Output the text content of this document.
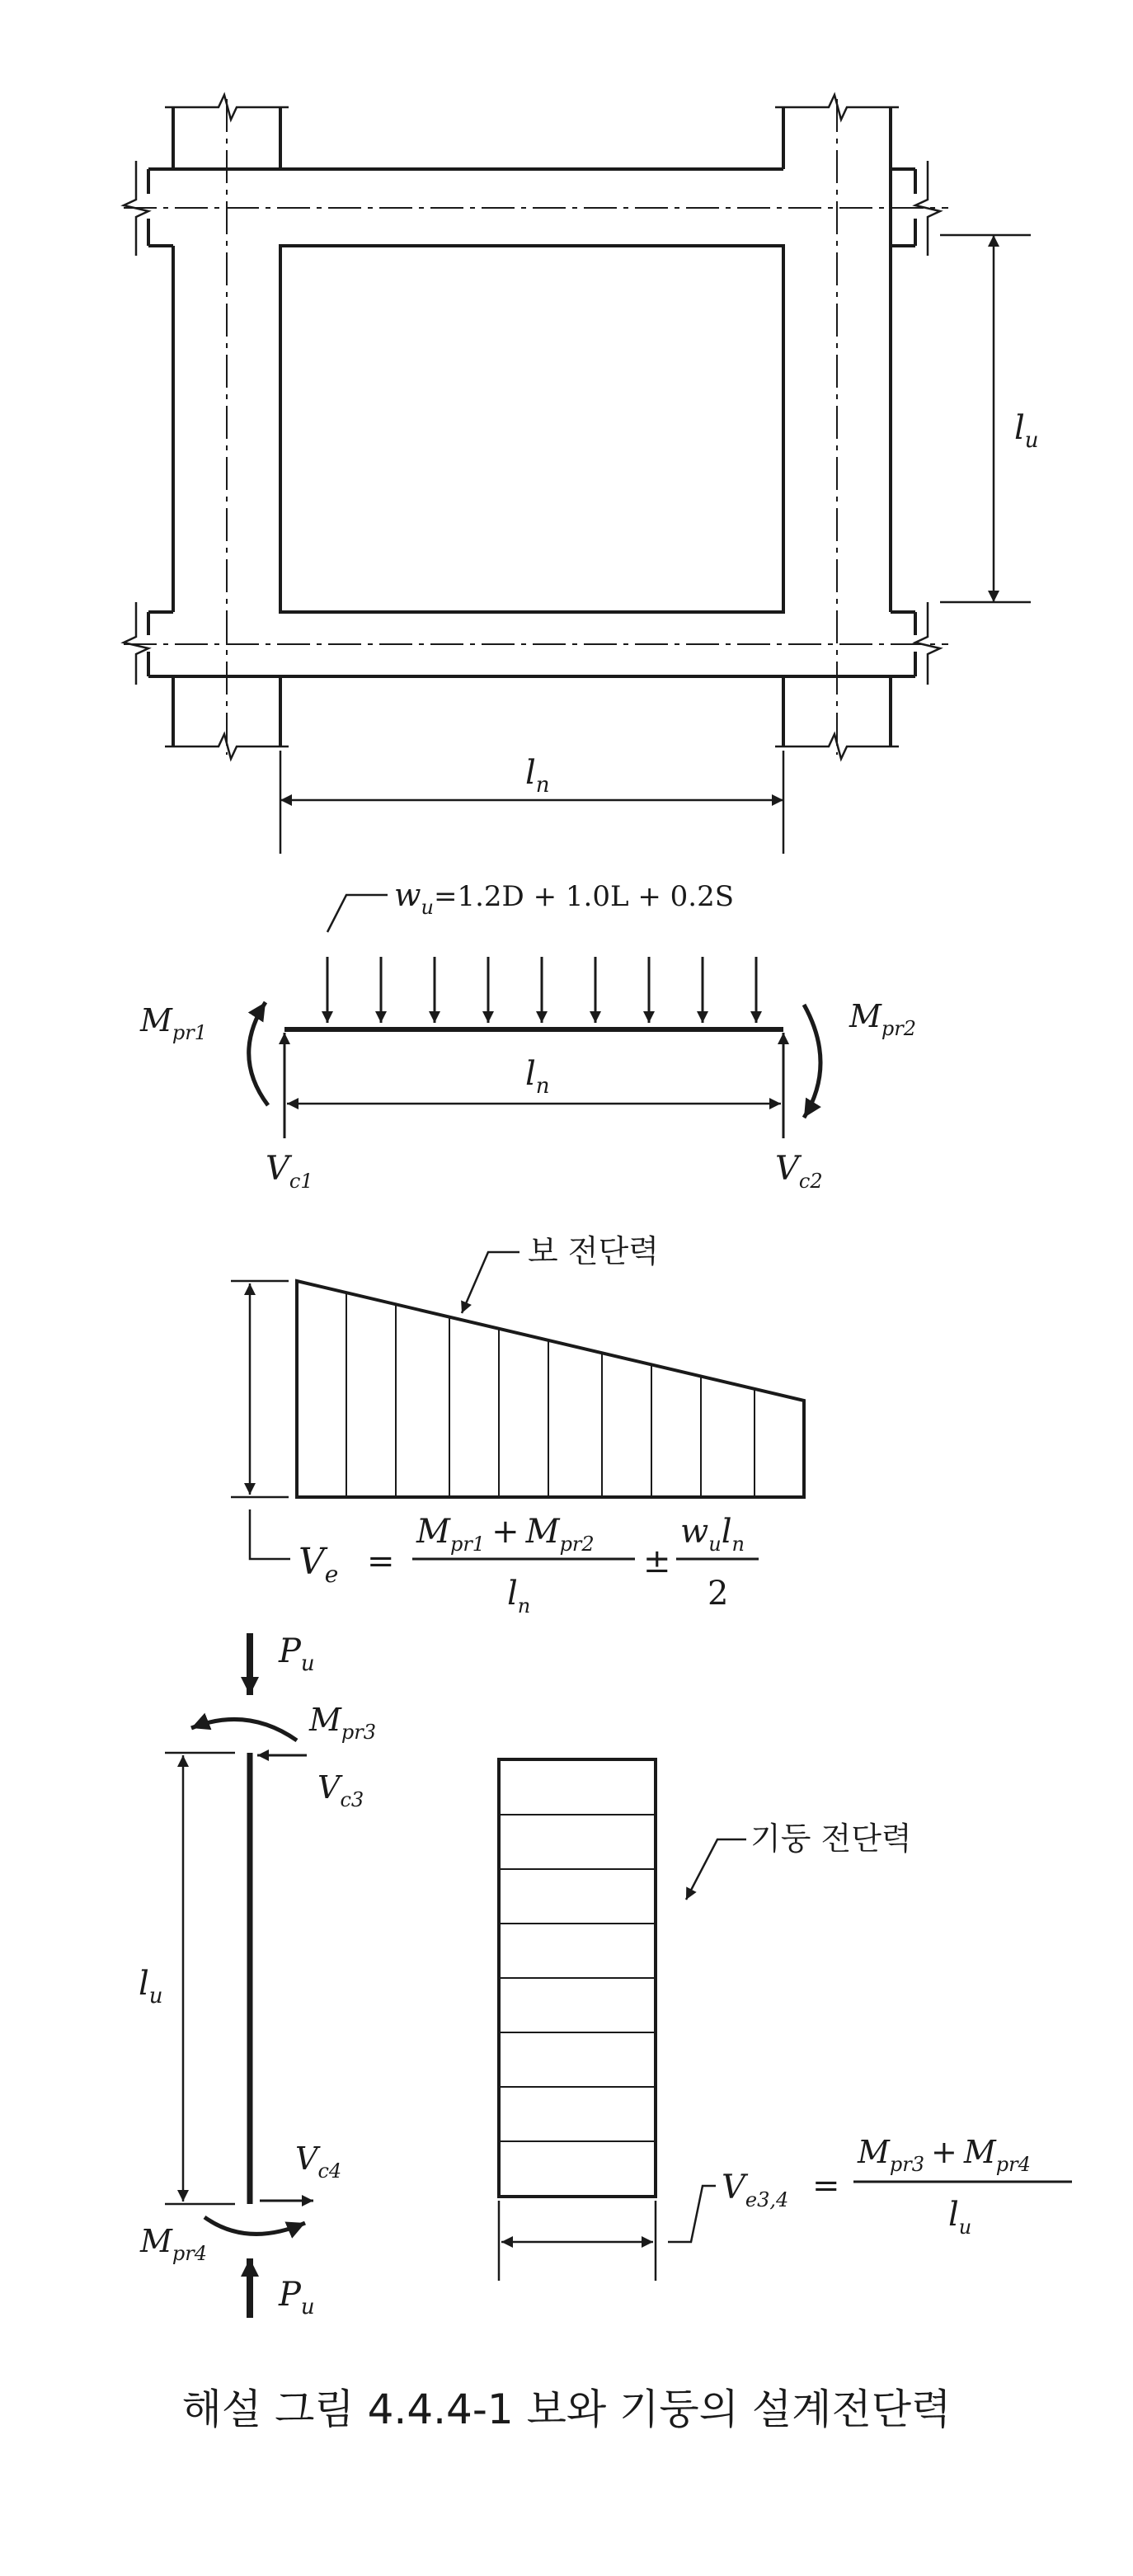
$l_u$
$l_n$
$w_u=1.2D + 1.0L + 0.2S$
$M_{pr1}$	$M_{pr2}$
$l_n$
$V_{c1}$	$V_{c2}$
보 전단력
$V_e$ =
$M_{pr1} + M_{pr2}$
$l_n$
±
$w_ul_n$
2
$P_u$
$M_{pr3}$
$V_{c3}$
$l_u$
$V_{c4}$
$M_{pr4}$
$P_u$
기둥 전단력
$V_{e3,4}$ =
$M_{pr3} + M_{pr4}$
$l_u$
해설 그림 4.4.4-1 보와 기둥의 설계전단력
